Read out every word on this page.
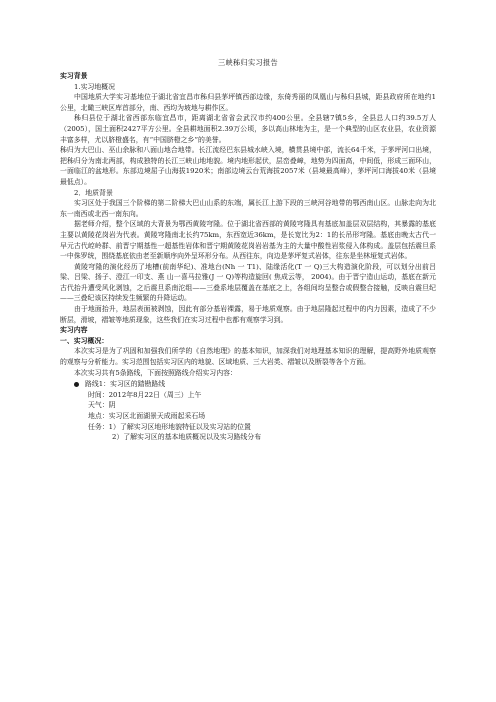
三峡秭归实习报告

实习背景

1.实习地概况

中国地质大学实习基地位于湖北省宜昌市秭归县茅坪镇西部边缘，东倚秀丽的凤凰山与秭归县城，距县政府所在地约1公里，北瞰三峡区库首部分，南、西均为坡地与耕作区。

秭归县位于湖北省西部东临宜昌市，距离湖北省省会武汉市约400公里。全县辖7镇5乡，全县总人口约39.5万人（2005），国土面积2427平方公里。全县耕地面积2.39万公顷，多以高山林地为主，是一个典型的山区农业县，农业资源丰富多样，尤以脐橙盛名，有“中国脐橙之乡”的美誉。

秭归为大巴山、巫山余脉和八面山地合地带。长江流经巴东县城水峡入境，横贯县境中部，流长64千米，于茅坪河口出境，把秭归分为南北两部，构成独特的长江三峡山地地貌。境内地形起伏，层峦叠嶂，地势为四面高，中间低，形成三面环山，一面临江的盆地形。东部边境屈子山海拔1920米；南部边境云台荒海拔2057米（县境最高峰），茅坪河口海拔40米（县境最低点）。

2．地质背景

实习区处于我国三个阶梯的第二阶梯大巴山山系的东端，属长江上游下段的三峡河谷地带的鄂西南山区。山脉走向为北东一南西或北西一南东向。

据老师介绍，整个区域的大背景为鄂西黄陵穹隆。位于湖北省西部的黄陵穹隆具有基底加盖层双层结构，其暴露的基底主要以黄陵花岗岩为代表。黄陵穹隆南北长约75km，东西宽近36km，是长宽比为2：1的长吊形穹隆。基底由晚太古代一早元古代崆岭群、前晋宁期基性一超基性岩体和晋宁期黄陵花岗岩岩基为主的大量中酸性岩浆侵入体构成。盖层包括震旦系一中侏罗统，围绕基底依由老至新顺序向外呈环形分布。从西往东，向边是茅坪复式岩体，往东是坐林垭复式岩体。

黄陵穹隆的演化经历了地槽(前南华纪)、准地台(Nh 一 T1)、陆缘活化(T 一 Q)三大构造演化阶段，可以划分出前吕梁、吕梁、扬子、澄江一印支、燕 山一喜马拉雅(J 一 Q)等构造旋回( 焦成云等， 2004)。由于晋宁造山运动，基底在新元古代抬升遭受风化剥蚀，之后震旦系南沱组——三叠系地层覆盖在基底之上，各组间均呈整合或假整合接触，反映自震旦纪——三叠纪该区持续发生频繁的升降运动。

由于地面抬升，地层表面被剥蚀，因此有部分基岩裸露，易于地质观察。由于地层隆起过程中的内力因素，造成了不少断层，滑坡，褶皱等地质现象，这些我们在实习过程中也都有观察学习到。

实习内容

一、实习概况：

本次实习是为了巩固和加强我们所学的《自然地理》的基本知识，加深我们对地理基本知识的理解，提高野外地质观察的观察与分析能力。实习范围包括实习区内的地貌、区域地质、三大岩类、褶皱以及断裂等各个方面。

本次实习共有5条路线，下面按照路线介绍实习内容：

路线1：实习区的踏勘路线

时间：2012年8月22日（周三）上午
天气：阴
地点：实习区北面湖景天成雨起采石场
任务：1）了解实习区地形地貌特征以及实习站的位置
2）了解实习区的基本地质概况以及实习路线分布
